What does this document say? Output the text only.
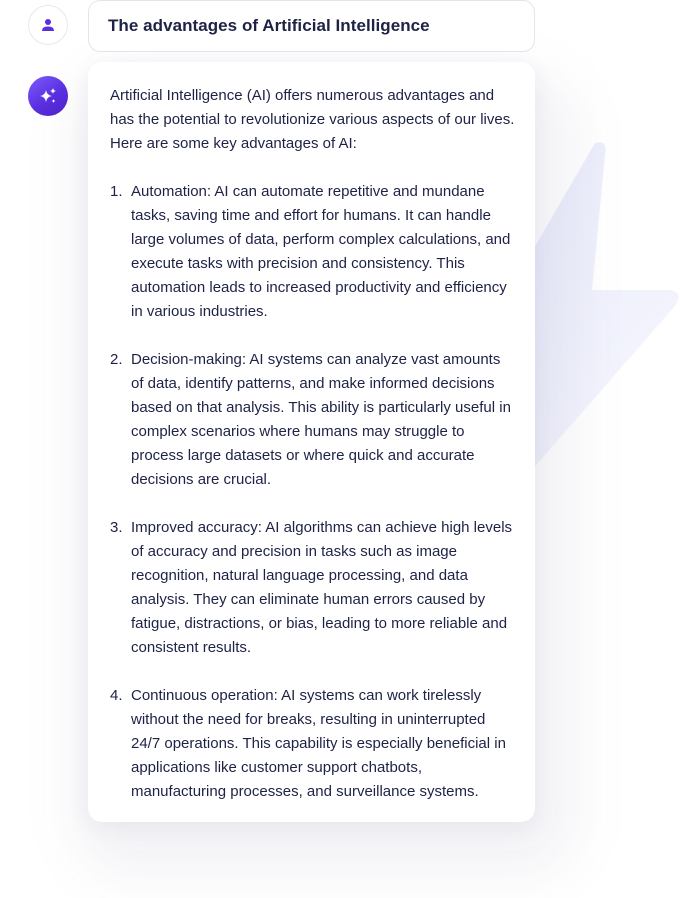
The advantages of Artificial Intelligence

Artificial Intelligence (AI) offers numerous advantages and has the potential to revolutionize various aspects of our lives. Here are some key advantages of AI:

1. Automation: AI can automate repetitive and mundane tasks, saving time and effort for humans. It can handle large volumes of data, perform complex calculations, and execute tasks with precision and consistency. This automation leads to increased productivity and efficiency in various industries.
2. Decision-making: AI systems can analyze vast amounts of data, identify patterns, and make informed decisions based on that analysis. This ability is particularly useful in complex scenarios where humans may struggle to process large datasets or where quick and accurate decisions are crucial.
3. Improved accuracy: AI algorithms can achieve high levels of accuracy and precision in tasks such as image recognition, natural language processing, and data analysis. They can eliminate human errors caused by fatigue, distractions, or bias, leading to more reliable and consistent results.
4. Continuous operation: AI systems can work tirelessly without the need for breaks, resulting in uninterrupted 24/7 operations. This capability is especially beneficial in applications like customer support chatbots, manufacturing processes, and surveillance systems.
